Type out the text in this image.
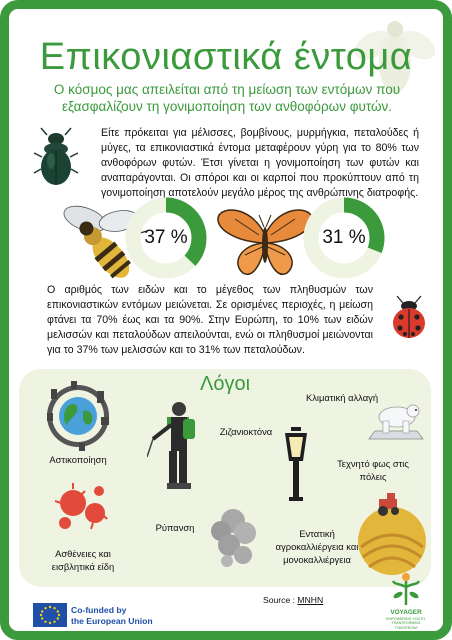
Επικονιαστικά έντομα
Ο κόσμος μας απειλείται από τη μείωση των εντόμων που εξασφαλίζουν τη γονιμοποίηση των ανθοφόρων φυτών.
Είτε πρόκειται για μέλισσες, βομβίνους, μυρμήγκια, πεταλούδες ή μύγες, τα επικονιαστικά έντομα μεταφέρουν γύρη για το 80% των ανθοφόρων φυτών. Έτσι γίνεται η γονιμοποίηση των φυτών και αναπαράγονται. Οι σπόροι και οι καρποί που προκύπτουν από τη γονιμοποίηση αποτελούν μεγάλο μέρος της ανθρώπινης διατροφής.
37 %	31 %
Ο αριθμός των ειδών και το μέγεθος των πληθυσμών των επικονιαστικών εντόμων μειώνεται. Σε ορισμένες περιοχές, η μείωση φτάνει τα 70% έως και τα 90%. Στην Ευρώπη, το 10% των ειδών μελισσών και πεταλούδων απειλούνται, ενώ οι πληθυσμοί μειώνονται για το 37% των μελισσών και το 31% των πεταλούδων.
Λόγοι
Αστικοποίηση
Ζιζανιοκτόνα
Κλιματική αλλαγή
Τεχνητό φως στις
πόλεις
Ασθένειες και
εισβλητικά είδη
Ρύπανση
Εντατική
αγροκαλλιέργεια και
μονοκαλλιέργεια
Co-funded by
the European Union
Source : MNHN
VOYAGER
EMPOWERING YOUTH,
TRANSFORMING
TOMORROW!
